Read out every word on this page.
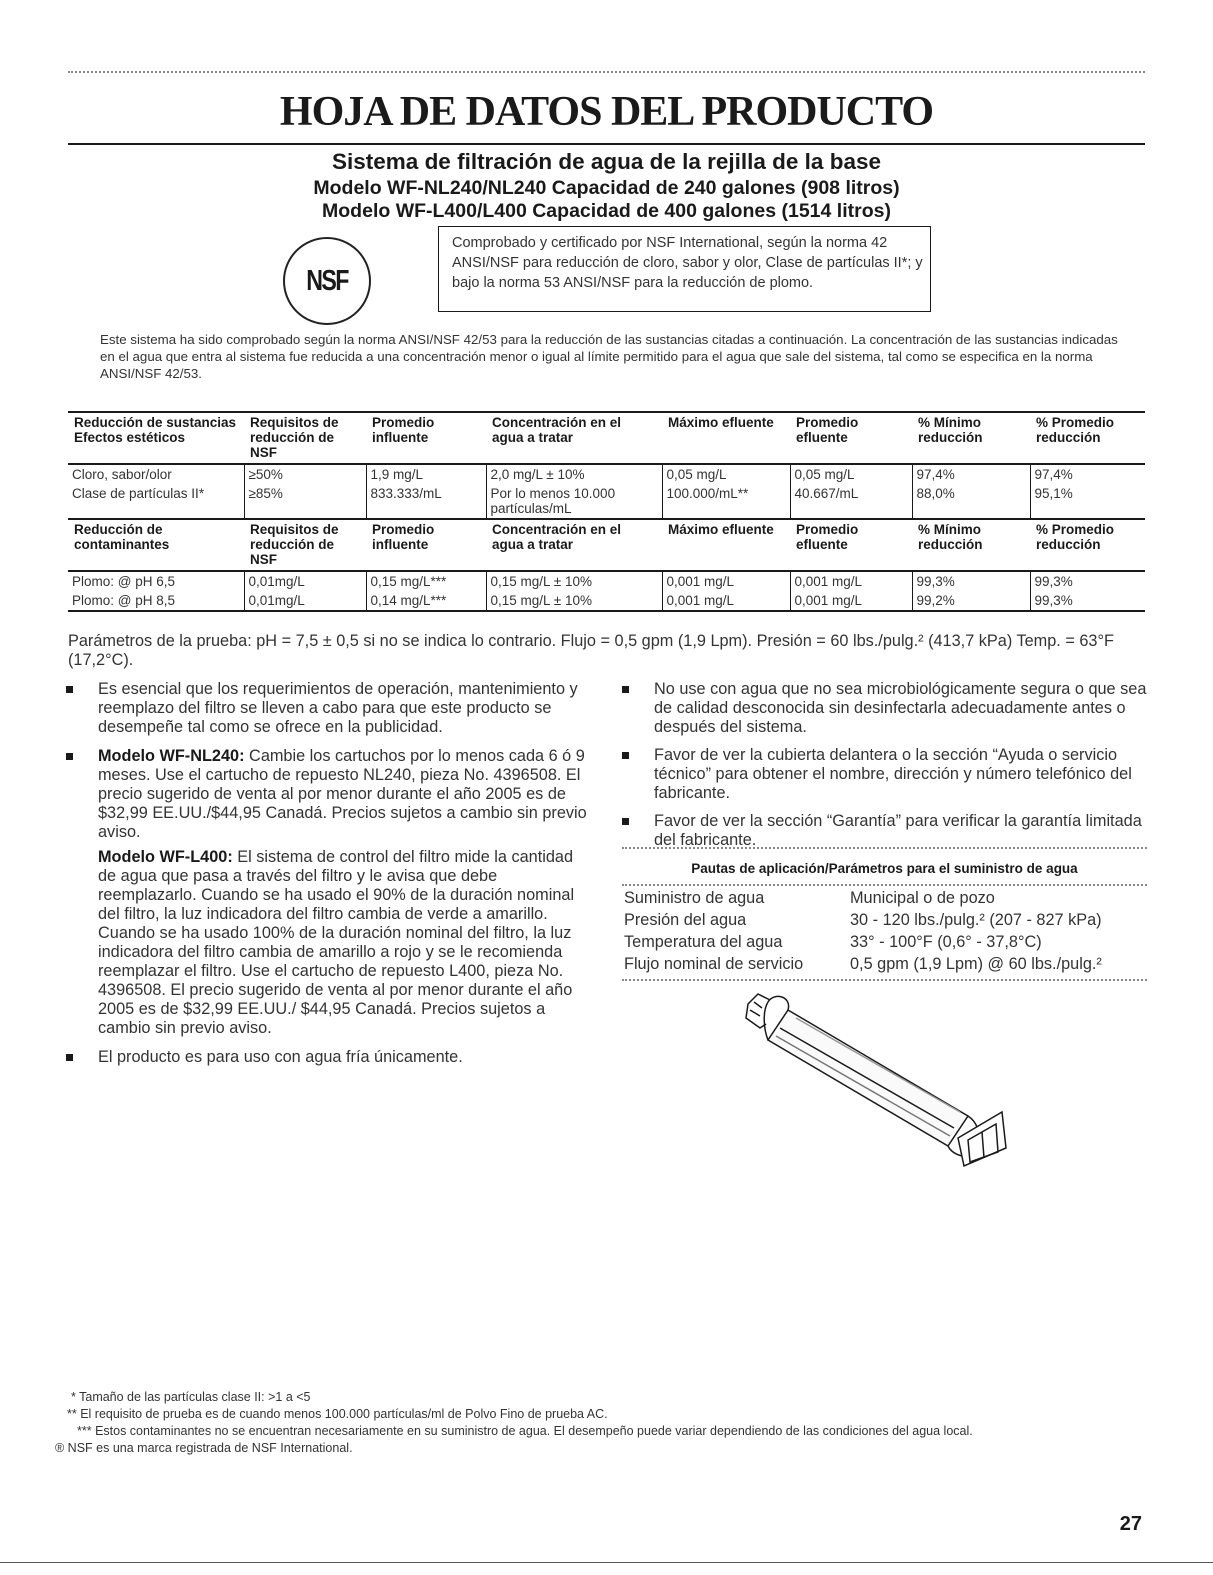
HOJA DE DATOS DEL PRODUCTO
Sistema de filtración de agua de la rejilla de la base
Modelo WF-NL240/NL240 Capacidad de 240 galones (908 litros)
Modelo WF-L400/L400 Capacidad de 400 galones (1514 litros)
NSF
Comprobado y certificado por NSF International, según la norma 42 ANSI/NSF para reducción de cloro, sabor y olor, Clase de partículas II*; y bajo la norma 53 ANSI/NSF para la reducción de plomo.
Este sistema ha sido comprobado según la norma ANSI/NSF 42/53 para la reducción de las sustancias citadas a continuación. La concentración de las sustancias indicadas en el agua que entra al sistema fue reducida a una concentración menor o igual al límite permitido para el agua que sale del sistema, tal como se especifica en la norma ANSI/NSF 42/53.
Reducción de sustancias Efectos estéticos	Requisitos de reducción de NSF	Promedio influente	Concentración en el agua a tratar	Máximo efluente	Promedio efluente	% Mínimo reducción	% Promedio reducción
Cloro, sabor/olor	≥50%	1,9 mg/L	2,0 mg/L ± 10%	0,05 mg/L	0,05 mg/L	97,4%	97,4%
Clase de partículas II*	≥85%	833.333/mL	Por lo menos 10.000 partículas/mL	100.000/mL**	40.667/mL	88,0%	95,1%
Reducción de contaminantes	Requisitos de reducción de NSF	Promedio influente	Concentración en el agua a tratar	Máximo efluente	Promedio efluente	% Mínimo reducción	% Promedio reducción
Plomo: @ pH 6,5	0,01mg/L	0,15 mg/L***	0,15 mg/L ± 10%	0,001 mg/L	0,001 mg/L	99,3%	99,3%
Plomo: @ pH 8,5	0,01mg/L	0,14 mg/L***	0,15 mg/L ± 10%	0,001 mg/L	0,001 mg/L	99,2%	99,3%
Parámetros de la prueba: pH = 7,5 ± 0,5 si no se indica lo contrario. Flujo = 0,5 gpm (1,9 Lpm). Presión = 60 lbs./pulg.² (413,7 kPa) Temp. = 63°F (17,2°C).
Es esencial que los requerimientos de operación, mantenimiento y reemplazo del filtro se lleven a cabo para que este producto se desempeñe tal como se ofrece en la publicidad.
Modelo WF-NL240: Cambie los cartuchos por lo menos cada 6 ó 9 meses. Use el cartucho de repuesto NL240, pieza No. 4396508. El precio sugerido de venta al por menor durante el año 2005 es de $32,99 EE.UU./$44,95 Canadá. Precios sujetos a cambio sin previo aviso.
Modelo WF-L400: El sistema de control del filtro mide la cantidad de agua que pasa a través del filtro y le avisa que debe reemplazarlo. Cuando se ha usado el 90% de la duración nominal del filtro, la luz indicadora del filtro cambia de verde a amarillo. Cuando se ha usado 100% de la duración nominal del filtro, la luz indicadora del filtro cambia de amarillo a rojo y se le recomienda reemplazar el filtro. Use el cartucho de repuesto L400, pieza No. 4396508. El precio sugerido de venta al por menor durante el año 2005 es de $32,99 EE.UU./ $44,95 Canadá. Precios sujetos a cambio sin previo aviso.
El producto es para uso con agua fría únicamente.
No use con agua que no sea microbiológicamente segura o que sea de calidad desconocida sin desinfectarla adecuadamente antes o después del sistema.
Favor de ver la cubierta delantera o la sección “Ayuda o servicio técnico” para obtener el nombre, dirección y número telefónico del fabricante.
Favor de ver la sección “Garantía” para verificar la garantía limitada del fabricante.
Pautas de aplicación/Parámetros para el suministro de agua
Suministro de agua	Municipal o de pozo
Presión del agua	30 - 120 lbs./pulg.² (207 - 827 kPa)
Temperatura del agua	33° - 100°F (0,6° - 37,8°C)
Flujo nominal de servicio	0,5 gpm (1,9 Lpm) @ 60 lbs./pulg.²
* Tamaño de las partículas clase II: >1 a <5
** El requisito de prueba es de cuando menos 100.000 partículas/ml de Polvo Fino de prueba AC.
*** Estos contaminantes no se encuentran necesariamente en su suministro de agua. El desempeño puede variar dependiendo de las condiciones del agua local.
® NSF es una marca registrada de NSF International.
27
